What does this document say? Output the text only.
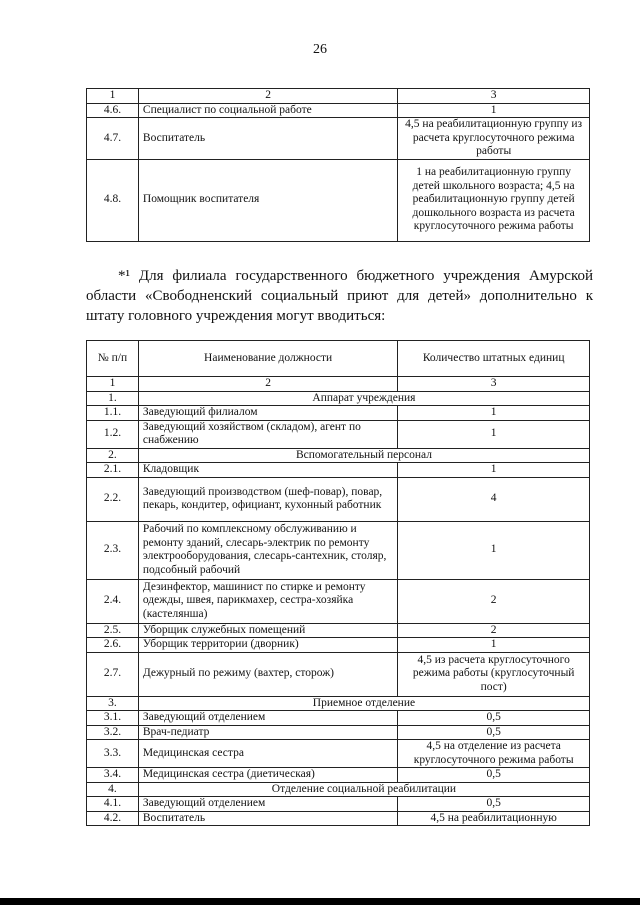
26
1	2	3
4.6.	Специалист по социальной работе	1
4.7.	Воспитатель	4,5 на реабилитационную группу из расчета круглосуточного режима работы
4.8.	Помощник воспитателя	1 на реабилитационную группу детей школьного возраста; 4,5 на реабилитационную группу детей дошкольного возраста из расчета круглосуточного режима работы
*¹ Для филиала государственного бюджетного учреждения Амурской области «Свободненский социальный приют для детей» дополнительно к штату головного учреждения могут вводиться:
№ п/п	Наименование должности	Количество штатных единиц
1	2	3
1.	Аппарат учреждения	
1.1.	Заведующий филиалом	1
1.2.	Заведующий хозяйством (складом), агент по снабжению	1
2.	Вспомогательный персонал	
2.1.	Кладовщик	1
2.2.	Заведующий производством (шеф-повар), повар, пекарь, кондитер, официант, кухонный работник	4
2.3.	Рабочий по комплексному обслуживанию и ремонту зданий, слесарь-электрик по ремонту электрооборудования, слесарь-сантехник, столяр, подсобный рабочий	1
2.4.	Дезинфектор, машинист по стирке и ремонту одежды, швея, парикмахер, сестра-хозяйка (кастелянша)	2
2.5.	Уборщик служебных помещений	2
2.6.	Уборщик территории (дворник)	1
2.7.	Дежурный по режиму (вахтер, сторож)	4,5 из расчета круглосуточного режима работы (круглосуточный пост)
3.	Приемное отделение	
3.1.	Заведующий отделением	0,5
3.2.	Врач-педиатр	0,5
3.3.	Медицинская сестра	4,5 на отделение из расчета круглосуточного режима работы
3.4.	Медицинская сестра (диетическая)	0,5
4.	Отделение социальной реабилитации	
4.1.	Заведующий отделением	0,5
4.2.	Воспитатель	4,5 на реабилитационную
